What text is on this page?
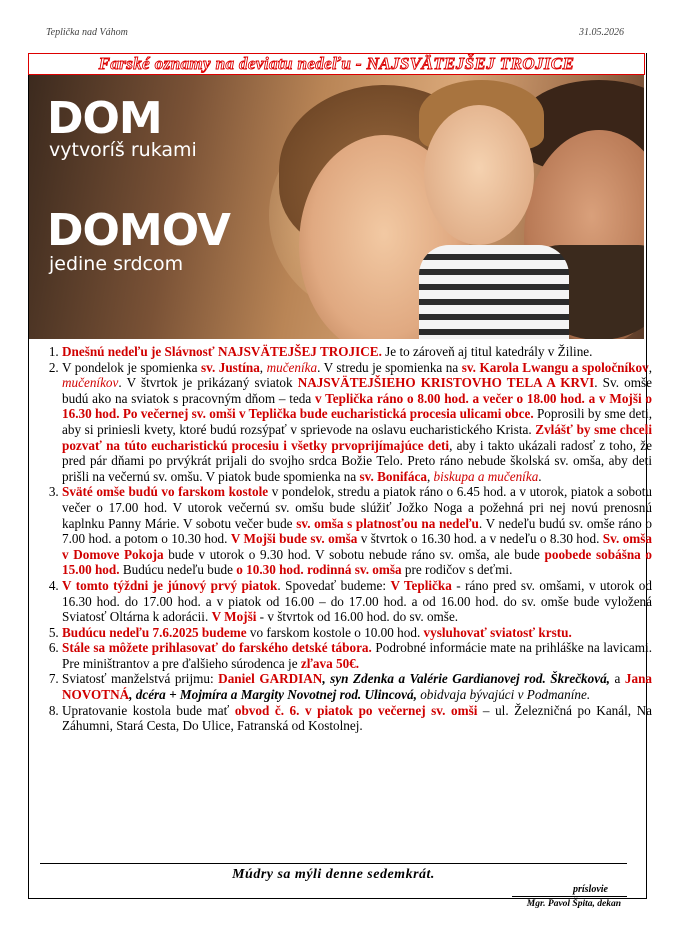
Teplička nad Váhom	31.05.2026
Farské oznamy na deviatu nedeľu - NAJSVÄTEJŠEJ TROJICE
DOM
vytvoríš rukami
DOMOV
jedine srdcom
1. Dnešnú nedeľu je Slávnosť NAJSVÄTEJŠEJ TROJICE. Je to zároveň aj titul katedrály v Žiline.
2. V pondelok je spomienka sv. Justína, mučeníka. V stredu je spomienka na sv. Karola Lwangu a spoločníkov, mučeníkov. V štvrtok je prikázaný sviatok NAJSVÄTEJŠIEHO KRISTOVHO TELA A KRVI. Sv. omše budú ako na sviatok s pracovným dňom – teda v Teplička ráno o 8.00 hod. a večer o 18.00 hod. a v Mojši o 16.30 hod. Po večernej sv. omši v Teplička bude eucharistická procesia ulicami obce. Poprosili by sme deti, aby si priniesli kvety, ktoré budú rozsýpať v sprievode na oslavu eucharistického Krista. Zvlášť by sme chceli pozvať na túto eucharistickú procesiu i všetky prvoprijímajúce deti, aby i takto ukázali radosť z toho, že pred pár dňami po prvýkrát prijali do svojho srdca Božie Telo. Preto ráno nebude školská sv. omša, aby deti prišli na večernú sv. omšu. V piatok bude spomienka na sv. Bonifáca, biskupa a mučeníka.
3. Sväté omše budú vo farskom kostole v pondelok, stredu a piatok ráno o 6.45 hod. a v utorok, piatok a sobotu večer o 17.00 hod. V utorok večernú sv. omšu bude slúžiť Jožko Noga a požehná pri nej novú prenosnú kaplnku Panny Márie. V sobotu večer bude sv. omša s platnosťou na nedeľu. V nedeľu budú sv. omše ráno o 7.00 hod. a potom o 10.30 hod. V Mojši bude sv. omša v štvrtok o 16.30 hod. a v nedeľu o 8.30 hod. Sv. omša v Domove Pokoja bude v utorok o 9.30 hod. V sobotu nebude ráno sv. omša, ale bude poobede sobášna o 15.00 hod. Budúcu nedeľu bude o 10.30 hod. rodinná sv. omša pre rodičov s deťmi.
4. V tomto týždni je júnový prvý piatok. Spovedať budeme: V Teplička - ráno pred sv. omšami, v utorok od 16.30 hod. do 17.00 hod. a v piatok od 16.00 – do 17.00 hod. a od 16.00 hod. do sv. omše bude vyložená Sviatosť Oltárna k adorácii. V Mojši - v štvrtok od 16.00 hod. do sv. omše.
5. Budúcu nedeľu 7.6.2025 budeme vo farskom kostole o 10.00 hod. vysluhovať sviatosť krstu.
6. Stále sa môžete prihlasovať do farského detské tábora. Podrobné informácie mate na prihláške na lavicami. Pre miništrantov a pre ďalšieho súrodenca je zľava 50€.
7. Sviatosť manželstvá prijmu: Daniel GARDIAN, syn Zdenka a Valérie Gardianovej rod. Škrečková, a Jana NOVOTNÁ, dcéra + Mojmíra a Margity Novotnej rod. Ulincová, obidvaja bývajúci v Podmaníne.
8. Upratovanie kostola bude mať obvod č. 6. v piatok po večernej sv. omši – ul. Železničná po Kanál, Na Záhumni, Stará Cesta, Do Ulice, Fatranská od Kostolnej.
Múdry sa mýli denne sedemkrát.
príslovie
Mgr. Pavol Špita, dekan
